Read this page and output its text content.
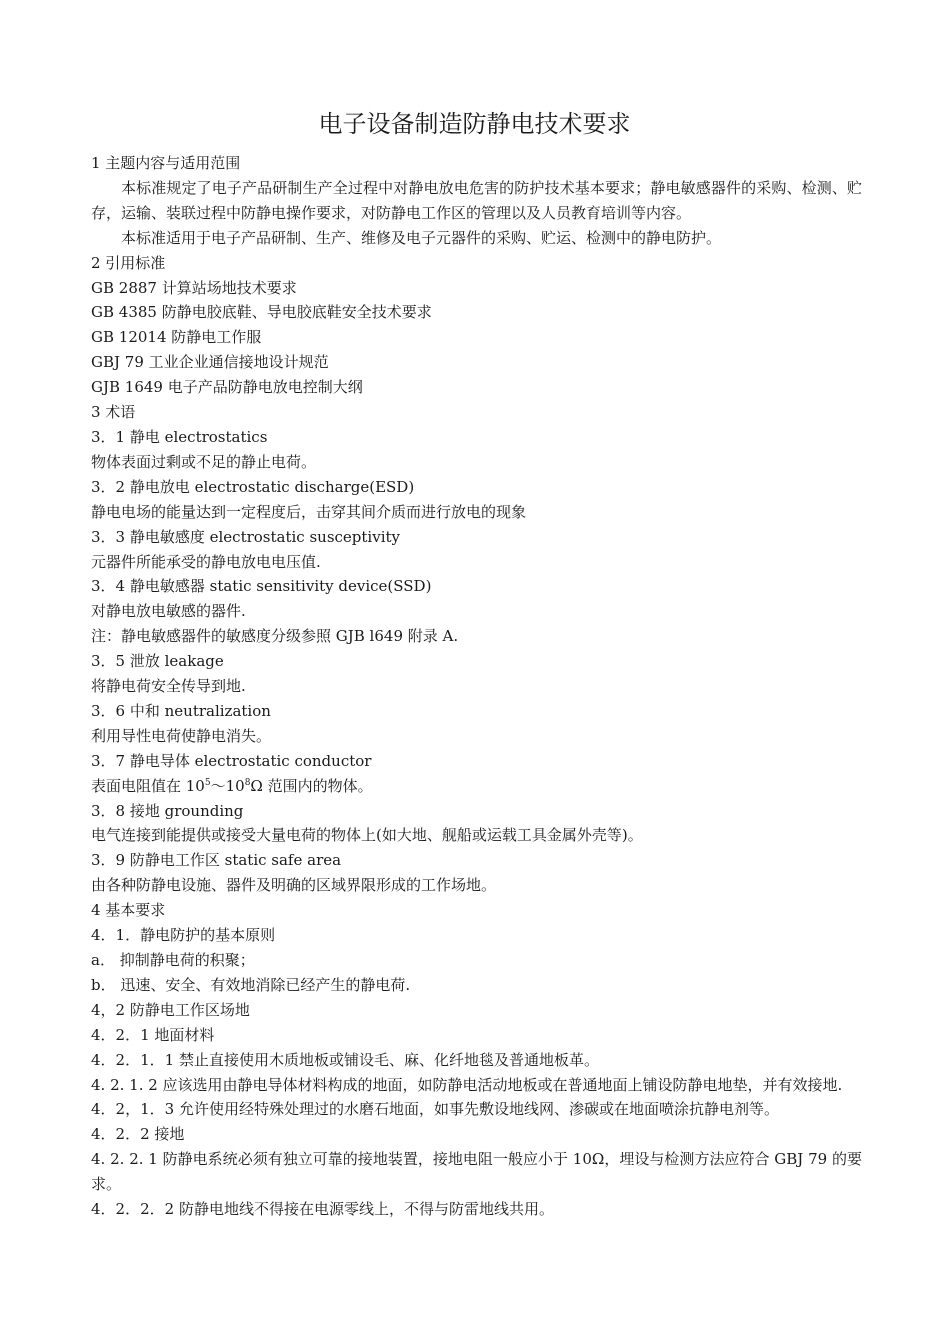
电子设备制造防静电技术要求
1 主题内容与适用范围
本标准规定了电子产品研制生产全过程中对静电放电危害的防护技术基本要求；静电敏感器件的采购、检测、贮存，运输、装联过程中防静电操作要求，对防静电工作区的管理以及人员教育培训等内容。
本标准适用于电子产品研制、生产、维修及电子元器件的采购、贮运、检测中的静电防护。
2 引用标准
GB 2887 计算站场地技术要求
GB 4385 防静电胶底鞋、导电胶底鞋安全技术要求
GB 12014 防静电工作服
GBJ 79 工业企业通信接地设计规范
GJB 1649 电子产品防静电放电控制大纲
3 术语
3．1 静电 electrostatics
物体表面过剩或不足的静止电荷。
3．2 静电放电 electrostatic discharge(ESD)
静电电场的能量达到一定程度后，击穿其间介质而进行放电的现象
3．3 静电敏感度 electrostatic susceptivity
元器件所能承受的静电放电电压值.
3．4 静电敏感器 static sensitivity device(SSD)
对静电放电敏感的器件.
注：静电敏感器件的敏感度分级参照 GJB l649 附录 A.
3．5 泄放 leakage
将静电荷安全传导到地.
3．6 中和 neutralization
利用导性电荷使静电消失。
3．7 静电导体 electrostatic conductor
表面电阻值在 $10^5\sim 10^8\Omega$ 范围内的物体。
3．8 接地 grounding
电气连接到能提供或接受大量电荷的物体上(如大地、舰船或运载工具金属外壳等)。
3．9 防静电工作区 static safe area
由各种防静电设施、器件及明确的区域界限形成的工作场地。
4 基本要求
4．1．静电防护的基本原则
a． 抑制静电荷的积聚；
b． 迅速、安全、有效地消除已经产生的静电荷.
4，2 防静电工作区场地
4．2．1 地面材料
4．2．1．1 禁止直接使用木质地板或铺设毛、麻、化纤地毯及普通地板革。
4. 2. 1. 2 应该选用由静电导体材料构成的地面，如防静电活动地板或在普通地面上铺设防静电地垫，并有效接地.
4．2，1．3 允许使用经特殊处理过的水磨石地面，如事先敷设地线网、渗碳或在地面喷涂抗静电剂等。
4．2．2 接地
4. 2. 2. 1 防静电系统必须有独立可靠的接地装置，接地电阻一般应小于 10Ω，埋设与检测方法应符合 GBJ 79 的要求。
4．2．2．2 防静电地线不得接在电源零线上，不得与防雷地线共用。
